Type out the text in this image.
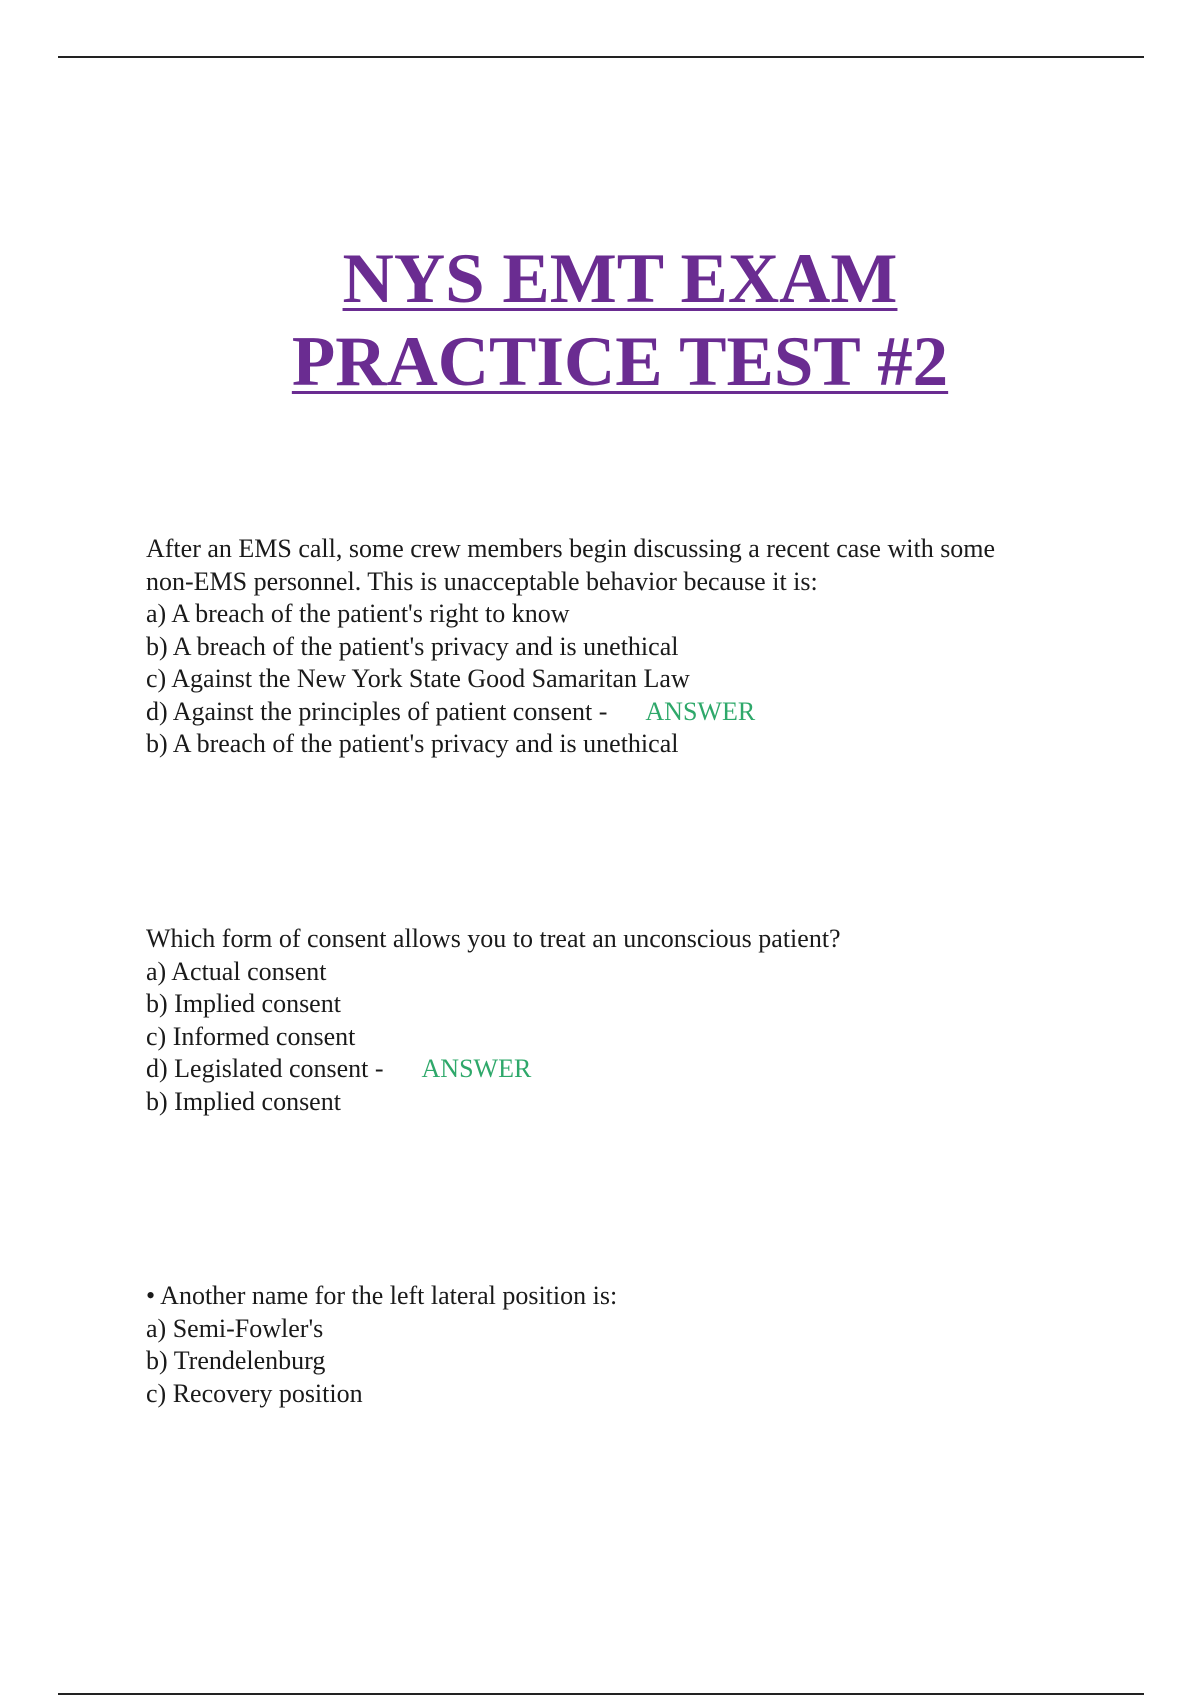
NYS EMT EXAM
PRACTICE TEST #2
After an EMS call, some crew members begin discussing a recent case with some
non-EMS personnel. This is unacceptable behavior because it is:
a) A breach of the patient's right to know
b) A breach of the patient's privacy and is unethical
c) Against the New York State Good Samaritan Law
d) Against the principles of patient consent - ANSWER
b) A breach of the patient's privacy and is unethical
Which form of consent allows you to treat an unconscious patient?
a) Actual consent
b) Implied consent
c) Informed consent
d) Legislated consent - ANSWER
b) Implied consent
• Another name for the left lateral position is:
a) Semi-Fowler's
b) Trendelenburg
c) Recovery position
